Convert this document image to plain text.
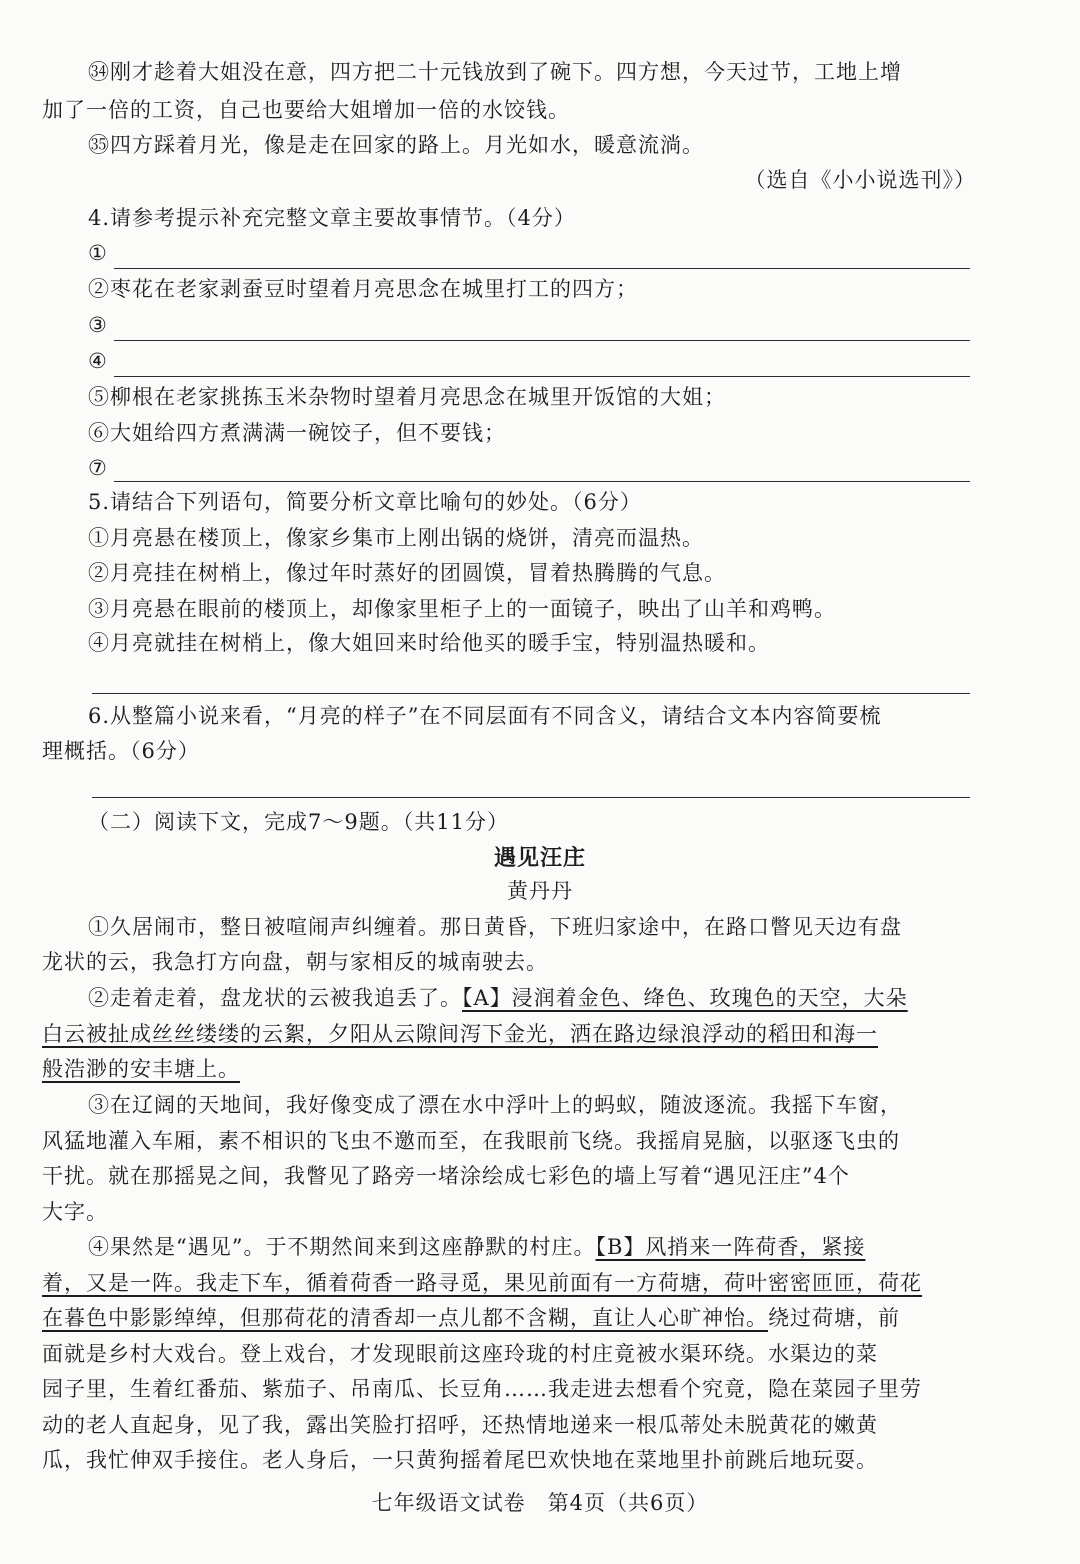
㉞刚才趁着大姐没在意，四方把二十元钱放到了碗下。四方想，今天过节，工地上增
加了一倍的工资，自己也要给大姐增加一倍的水饺钱。
㉟四方踩着月光，像是走在回家的路上。月光如水，暖意流淌。
（选自《小小说选刊》）
4.请参考提示补充完整文章主要故事情节。（4分）
①
②枣花在老家剥蚕豆时望着月亮思念在城里打工的四方；
③
④
⑤柳根在老家挑拣玉米杂物时望着月亮思念在城里开饭馆的大姐；
⑥大姐给四方煮满满一碗饺子，但不要钱；
⑦
5.请结合下列语句，简要分析文章比喻句的妙处。（6分）
①月亮悬在楼顶上，像家乡集市上刚出锅的烧饼，清亮而温热。
②月亮挂在树梢上，像过年时蒸好的团圆馍，冒着热腾腾的气息。
③月亮悬在眼前的楼顶上，却像家里柜子上的一面镜子，映出了山羊和鸡鸭。
④月亮就挂在树梢上，像大姐回来时给他买的暖手宝，特别温热暖和。
6.从整篇小说来看，“月亮的样子”在不同层面有不同含义，请结合文本内容简要梳
理概括。（6分）
（二）阅读下文，完成7～9题。（共11分）
遇见汪庄
黄丹丹
①久居闹市，整日被喧闹声纠缠着。那日黄昏，下班归家途中，在路口瞥见天边有盘
龙状的云，我急打方向盘，朝与家相反的城南驶去。
②走着走着，盘龙状的云被我追丢了。【A】浸润着金色、绛色、玫瑰色的天空，大朵
白云被扯成丝丝缕缕的云絮，夕阳从云隙间泻下金光，洒在路边绿浪浮动的稻田和海一
般浩渺的安丰塘上。
③在辽阔的天地间，我好像变成了漂在水中浮叶上的蚂蚁，随波逐流。我摇下车窗，
风猛地灌入车厢，素不相识的飞虫不邀而至，在我眼前飞绕。我摇肩晃脑，以驱逐飞虫的
干扰。就在那摇晃之间，我瞥见了路旁一堵涂绘成七彩色的墙上写着“遇见汪庄”4个
大字。
④果然是“遇见”。于不期然间来到这座静默的村庄。【B】风捎来一阵荷香，紧接
着，又是一阵。我走下车，循着荷香一路寻觅，果见前面有一方荷塘，荷叶密密匝匝，荷花
在暮色中影影绰绰，但那荷花的清香却一点儿都不含糊，直让人心旷神怡。绕过荷塘，前
面就是乡村大戏台。登上戏台，才发现眼前这座玲珑的村庄竟被水渠环绕。水渠边的菜
园子里，生着红番茄、紫茄子、吊南瓜、长豆角……我走进去想看个究竟，隐在菜园子里劳
动的老人直起身，见了我，露出笑脸打招呼，还热情地递来一根瓜蒂处未脱黄花的嫩黄
瓜，我忙伸双手接住。老人身后，一只黄狗摇着尾巴欢快地在菜地里扑前跳后地玩耍。
七年级语文试卷　第4页（共6页）
